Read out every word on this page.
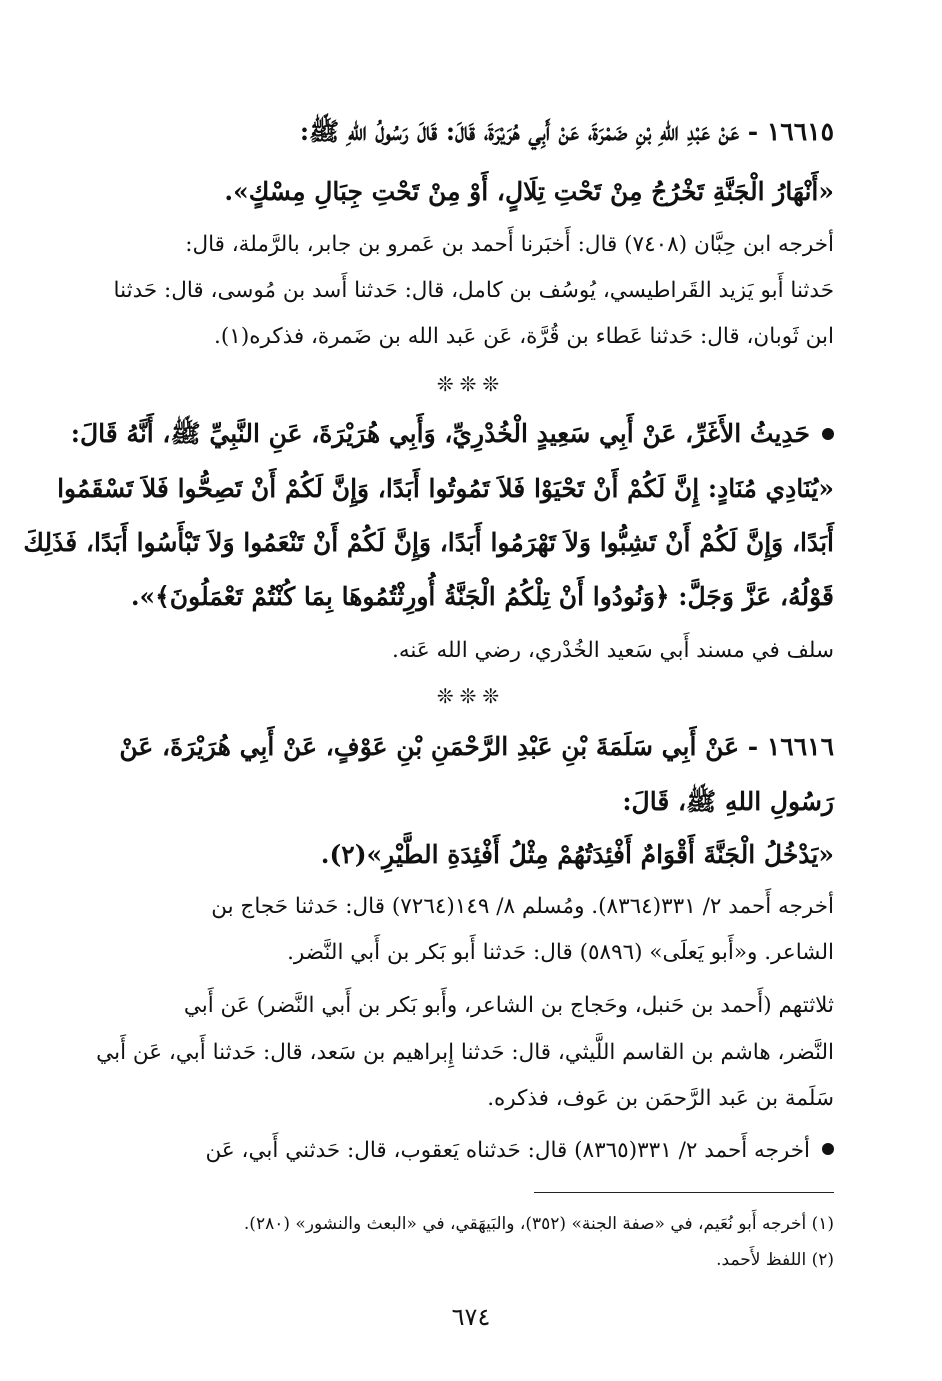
١٦٦١٥ - عَنْ عَبْدِ اللهِ بْنِ ضَمْرَةَ، عَنْ أَبِي هُرَيْرَةَ، قَالَ: قَالَ رَسُولُ اللهِ ﷺ:
«أَنْهَارُ الْجَنَّةِ تَخْرُجُ مِنْ تَحْتِ تِلَالٍ، أَوْ مِنْ تَحْتِ جِبَالِ مِسْكٍ».
أخرجه ابن حِبَّان (٧٤٠٨) قال: أَخبَرنا أَحمد بن عَمرو بن جابر، بالرَّملة، قال:
حَدثنا أَبو يَزيد القَراطيسي، يُوسُف بن كامل، قال: حَدثنا أَسد بن مُوسى، قال: حَدثنا
ابن ثَوبان، قال: حَدثنا عَطاء بن قُرَّة، عَن عَبد الله بن ضَمرة، فذكره(١).
❊❊❊
حَدِيثُ الأَغَرِّ، عَنْ أَبِي سَعِيدٍ الْخُدْرِيِّ، وَأَبِي هُرَيْرَةَ، عَنِ النَّبِيِّ ﷺ، أَنَّهُ قَالَ:
«يُنَادِي مُنَادٍ: إِنَّ لَكُمْ أَنْ تَحْيَوْا فَلاَ تَمُوتُوا أَبَدًا، وَإِنَّ لَكُمْ أَنْ تَصِحُّوا فَلاَ تَسْقَمُوا
أَبَدًا، وَإِنَّ لَكُمْ أَنْ تَشِبُّوا وَلاَ تَهْرَمُوا أَبَدًا، وَإِنَّ لَكُمْ أَنْ تَنْعَمُوا وَلاَ تَبْأَسُوا أَبَدًا، فَذَلِكَ
قَوْلُهُ، عَزَّ وَجَلَّ: ﴿وَنُودُوا أَنْ تِلْكُمُ الْجَنَّةُ أُورِثْتُمُوهَا بِمَا كُنْتُمْ تَعْمَلُونَ﴾».
سلف في مسند أَبي سَعيد الخُدْري، رضي الله عَنه.
❊❊❊
١٦٦١٦ - عَنْ أَبِي سَلَمَةَ بْنِ عَبْدِ الرَّحْمَنِ بْنِ عَوْفٍ، عَنْ أَبِي هُرَيْرَةَ، عَنْ
رَسُولِ اللهِ ﷺ، قَالَ:
«يَدْخُلُ الْجَنَّةَ أَقْوَامٌ أَفْئِدَتُهُمْ مِثْلُ أَفْئِدَةِ الطَّيْرِ»(٢).
أخرجه أَحمد ٢/ ٣٣١(٨٣٦٤). ومُسلم ٨/ ١٤٩(٧٢٦٤) قال: حَدثنا حَجاج بن
الشاعر. و«أَبو يَعلَى» (٥٨٩٦) قال: حَدثنا أَبو بَكر بن أَبي النَّضر.
ثلاثتهم (أَحمد بن حَنبل، وحَجاج بن الشاعر، وأَبو بَكر بن أَبي النَّضر) عَن أَبي
النَّضر، هاشم بن القاسم اللَّيثي، قال: حَدثنا إِبراهيم بن سَعد، قال: حَدثنا أَبي، عَن أَبي
سَلَمة بن عَبد الرَّحمَن بن عَوف، فذكره.
أخرجه أَحمد ٢/ ٣٣١(٨٣٦٥) قال: حَدثناه يَعقوب، قال: حَدثني أَبي، عَن
(١) أخرجه أَبو نُعَيم، في «صفة الجنة» (٣٥٢)، والبَيهَقي، في «البعث والنشور» (٢٨٠).
(٢) اللفظ لأَحمد.
٦٧٤
